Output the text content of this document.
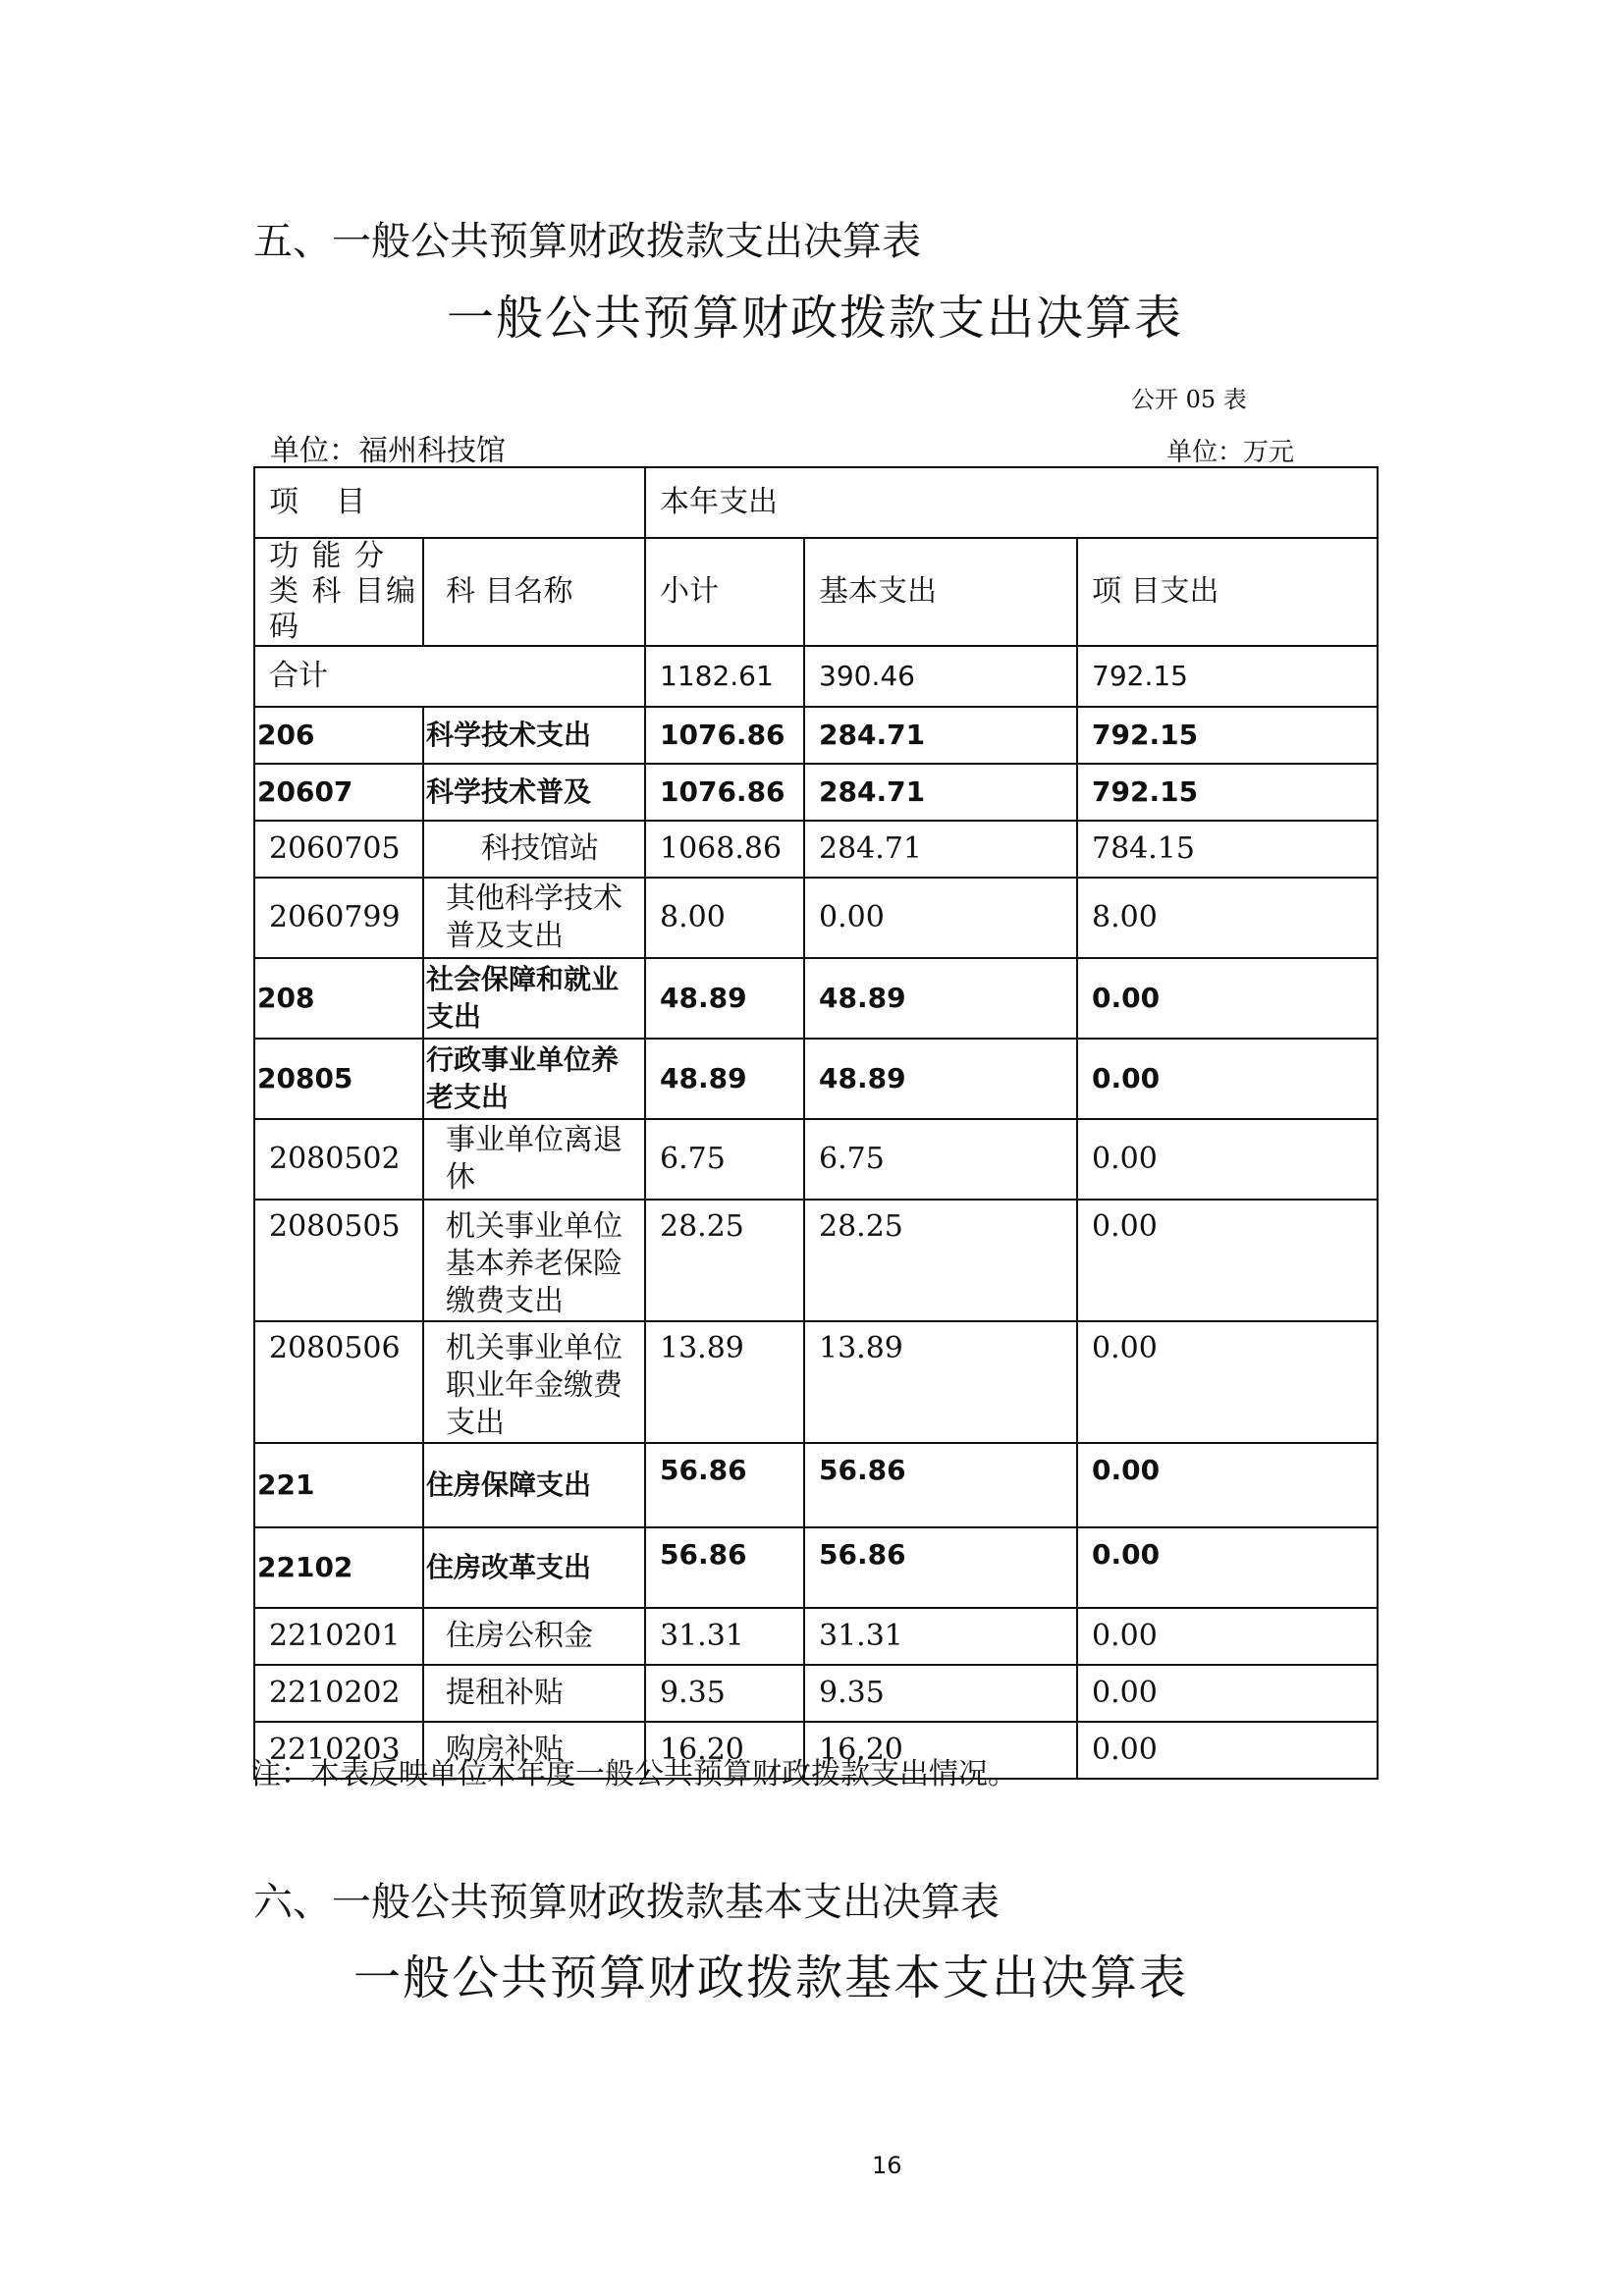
五、一般公共预算财政拨款支出决算表
一般公共预算财政拨款支出决算表
公开 05 表
单位：福州科技馆	单位：万元
项    目		本年支出		
功 能 分 类 科 目编码	科 目名称	小计	基本支出	项 目支出
合计		1182.61	390.46	792.15
206	科学技术支出	1076.86	284.71	792.15
20607	科学技术普及	1076.86	284.71	792.15
2060705	科技馆站	1068.86	284.71	784.15
2060799	其他科学技术普及支出	8.00	0.00	8.00
208	社会保障和就业支出	48.89	48.89	0.00
20805	行政事业单位养老支出	48.89	48.89	0.00
2080502	事业单位离退休	6.75	6.75	0.00
2080505	机关事业单位基本养老保险缴费支出	28.25	28.25	0.00
2080506	机关事业单位职业年金缴费支出	13.89	13.89	0.00
221	住房保障支出	56.86	56.86	0.00
22102	住房改革支出	56.86	56.86	0.00
2210201	住房公积金	31.31	31.31	0.00
2210202	提租补贴	9.35	9.35	0.00
2210203	购房补贴	16.20	16.20	0.00
注：本表反映单位本年度一般公共预算财政拨款支出情况。
六、一般公共预算财政拨款基本支出决算表
一般公共预算财政拨款基本支出决算表
16
